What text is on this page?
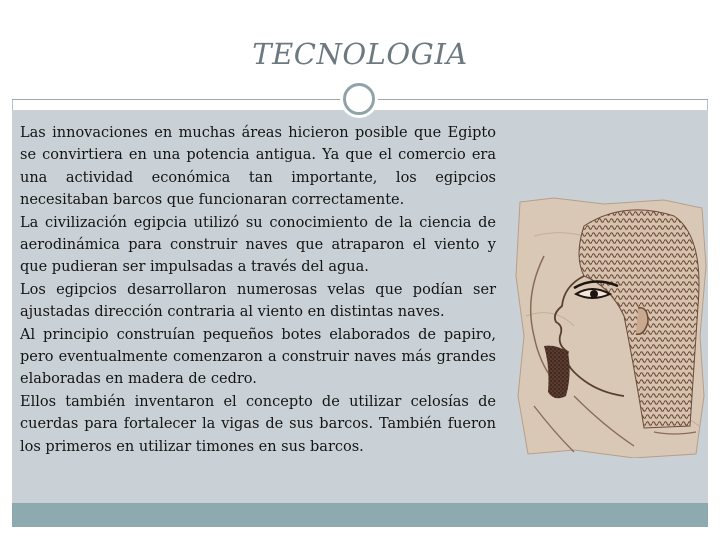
TECNOLOGIA

Las innovaciones en muchas áreas hicieron posible que Egipto se convirtiera en una potencia antigua. Ya que el comercio era una actividad económica tan importante, los egipcios necesitaban barcos que funcionaran correctamente.

La civilización egipcia utilizó su conocimiento de la ciencia de aerodinámica para construir naves que atraparon el viento y que pudieran ser impulsadas a través del agua.

Los egipcios desarrollaron numerosas velas que podían ser ajustadas dirección contraria al viento en distintas naves.

Al principio construían pequeños botes elaborados de papiro, pero eventualmente comenzaron a construir naves más grandes elaboradas en madera de cedro.

Ellos también inventaron el concepto de utilizar celosías de cuerdas para fortalecer la vigas de sus barcos. También fueron los primeros en utilizar timones en sus barcos.
